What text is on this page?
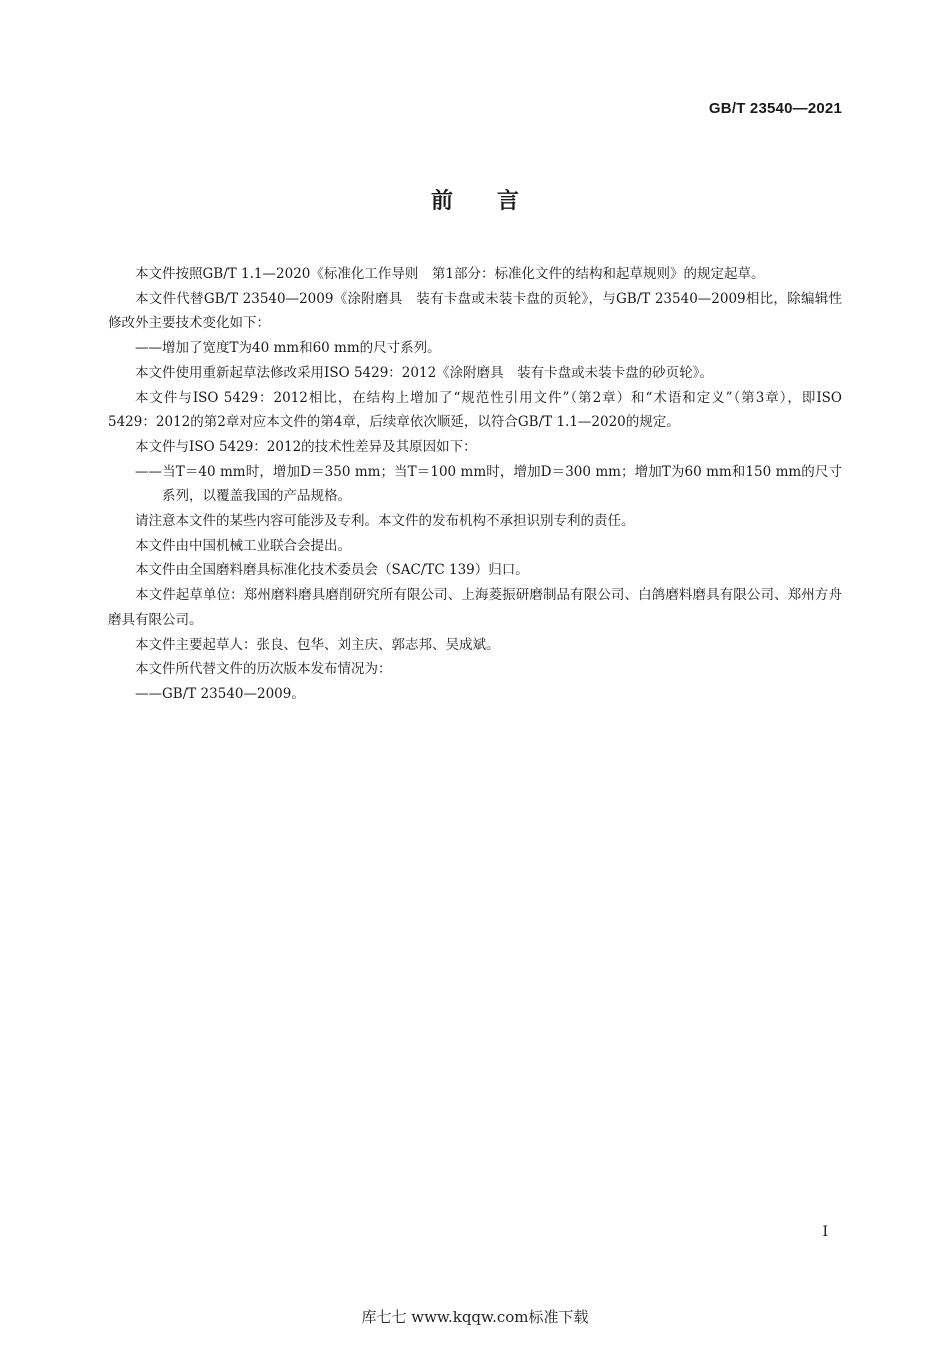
GB/T 23540—2021
前言

本文件按照GB/T 1.1—2020《标准化工作导则　第1部分：标准化文件的结构和起草规则》的规定起草。

本文件代替GB/T 23540—2009《涂附磨具　装有卡盘或未装卡盘的页轮》，与GB/T 23540—2009相比，除编辑性修改外主要技术变化如下：

——增加了宽度T为40 mm和60 mm的尺寸系列。

本文件使用重新起草法修改采用ISO 5429：2012《涂附磨具　装有卡盘或未装卡盘的砂页轮》。

本文件与ISO 5429：2012相比，在结构上增加了“规范性引用文件”（第2章）和“术语和定义”（第3章），即ISO 5429：2012的第2章对应本文件的第4章，后续章依次顺延，以符合GB/T 1.1—2020的规定。

本文件与ISO 5429：2012的技术性差异及其原因如下：

——当T＝40 mm时，增加D＝350 mm；当T＝100 mm时，增加D＝300 mm；增加T为60 mm和150 mm的尺寸系列，以覆盖我国的产品规格。

请注意本文件的某些内容可能涉及专利。本文件的发布机构不承担识别专利的责任。

本文件由中国机械工业联合会提出。

本文件由全国磨料磨具标准化技术委员会（SAC/TC 139）归口。

本文件起草单位：郑州磨料磨具磨削研究所有限公司、上海菱振研磨制品有限公司、白鸽磨料磨具有限公司、郑州方舟磨具有限公司。

本文件主要起草人：张良、包华、刘主庆、郭志邦、吴成斌。

本文件所代替文件的历次版本发布情况为：

——GB/T 23540—2009。

I
库七七 www.kqqw.com标准下载
